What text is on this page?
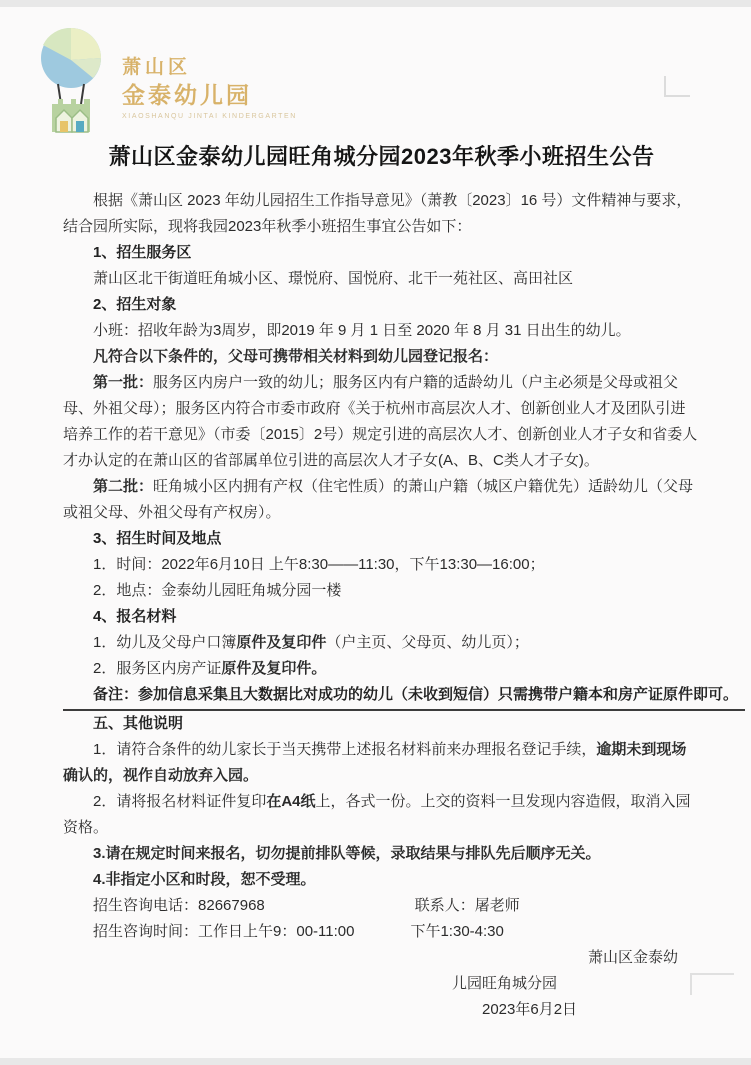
萧山区
金泰幼儿园
XIAOSHANQU JINTAI KINDERGARTEN
萧山区金泰幼儿园旺角城分园2023年秋季小班招生公告

根据《萧山区 2023 年幼儿园招生工作指导意见》（萧教〔2023〕16 号）文件精神与要求，结合园所实际，现将我园2023年秋季小班招生事宜公告如下：

1、招生服务区

萧山区北干街道旺角城小区、璟悦府、国悦府、北干一苑社区、高田社区

2、招生对象

小班：招收年龄为3周岁，即2019 年 9 月 1 日至 2020 年 8 月 31 日出生的幼儿。

凡符合以下条件的，父母可携带相关材料到幼儿园登记报名：

第一批：服务区内房户一致的幼儿；服务区内有户籍的适龄幼儿（户主必须是父母或祖父母、外祖父母）；服务区内符合市委市政府《关于杭州市高层次人才、创新创业人才及团队引进培养工作的若干意见》（市委〔2015〕2号）规定引进的高层次人才、创新创业人才子女和省委人才办认定的在萧山区的省部属单位引进的高层次人才子女(A、B、C类人才子女)。

第二批：旺角城小区内拥有产权（住宅性质）的萧山户籍（城区户籍优先）适龄幼儿（父母或祖父母、外祖父母有产权房）。

3、招生时间及地点

1．时间：2022年6月10日 上午8:30——11:30，下午13:30—16:00；

2．地点：金泰幼儿园旺角城分园一楼

4、报名材料

1．幼儿及父母户口簿原件及复印件（户主页、父母页、幼儿页）；

2．服务区内房产证原件及复印件。

备注：参加信息采集且大数据比对成功的幼儿（未收到短信）只需携带户籍本和房产证原件即可。

五、其他说明

1．请符合条件的幼儿家长于当天携带上述报名材料前来办理报名登记手续，逾期未到现场确认的，视作自动放弃入园。

2．请将报名材料证件复印在A4纸上，各式一份。上交的资料一旦发现内容造假，取消入园资格。

3.请在规定时间来报名，切勿提前排队等候，录取结果与排队先后顺序无关。

4.非指定小区和时段，恕不受理。

招生咨询电话：82667968	联系人：屠老师

招生咨询时间：工作日上午9：00-11:00	下午1:30-4:30

萧山区金泰幼

儿园旺角城分园

2023年6月2日
